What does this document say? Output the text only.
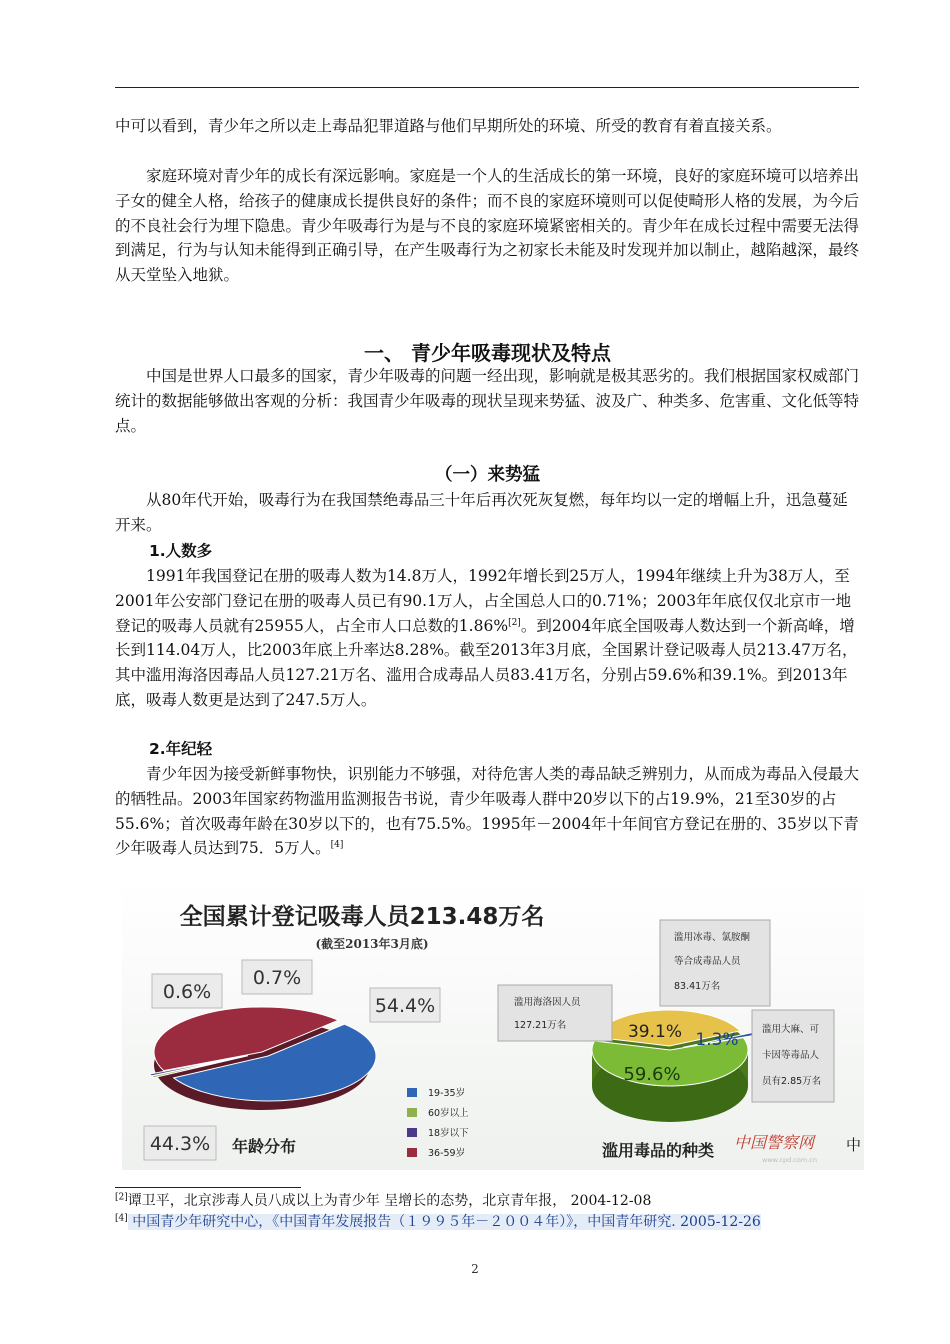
中可以看到，青少年之所以走上毒品犯罪道路与他们早期所处的环境、所受的教育有着直接关系。

家庭环境对青少年的成长有深远影响。家庭是一个人的生活成长的第一环境，良好的家庭环境可以培养出子女的健全人格，给孩子的健康成长提供良好的条件；而不良的家庭环境则可以促使畸形人格的发展，为今后的不良社会行为埋下隐患。青少年吸毒行为是与不良的家庭环境紧密相关的。青少年在成长过程中需要无法得到满足，行为与认知未能得到正确引导，在产生吸毒行为之初家长未能及时发现并加以制止，越陷越深，最终从天堂坠入地狱。

一、 青少年吸毒现状及特点

中国是世界人口最多的国家，青少年吸毒的问题一经出现，影响就是极其恶劣的。我们根据国家权威部门统计的数据能够做出客观的分析：我国青少年吸毒的现状呈现来势猛、波及广、种类多、危害重、文化低等特点。

（一）来势猛

从80年代开始，吸毒行为在我国禁绝毒品三十年后再次死灰复燃，每年均以一定的增幅上升，迅急蔓延开来。

1.人数多

1991年我国登记在册的吸毒人数为14.8万人，1992年增长到25万人，1994年继续上升为38万人，至2001年公安部门登记在册的吸毒人员已有90.1万人，占全国总人口的0.71%；2003年年底仅仅北京市一地登记的吸毒人员就有25955人，占全市人口总数的1.86%[2]。到2004年底全国吸毒人数达到一个新高峰，增长到114.04万人，比2003年底上升率达8.28%。截至2013年3月底，全国累计登记吸毒人员213.47万名，其中滥用海洛因毒品人员127.21万名、滥用合成毒品人员83.41万名，分别占59.6%和39.1%。到2013年底，吸毒人数更是达到了247.5万人。

2.年纪轻

青少年因为接受新鲜事物快，识别能力不够强，对待危害人类的毒品缺乏辨别力，从而成为毒品入侵最大的牺牲品。2003年国家药物滥用监测报告书说，青少年吸毒人群中20岁以下的占19.9%，21至30岁的占55.6%；首次吸毒年龄在30岁以下的，也有75.5%。1995年－2004年十年间官方登记在册的、35岁以下青少年吸毒人员达到75．5万人。[4]

全国累计登记吸毒人员213.48万名
(截至2013年3月底)
0.6%
0.7%
54.4%
44.3% 年龄分布
19-35岁
60岁以上
18岁以下
36-59岁
39.1% 1.3%
59.6%
滥用海洛因人员
127.21万名
滥用冰毒、氯胺酮
等合成毒品人员
83.41万名
滥用大麻、可
卡因等毒品人
员有2.85万名
滥用毒品的种类 中国警察网
www.cpd.com.cn
中
[2]谭卫平，北京涉毒人员八成以上为青少年 呈增长的态势，北京青年报， 2004-12-08
[4] 中国青少年研究中心，《中国青年发展报告（１９９５年－２００４年）》，中国青年研究. 2005-12-26
2
